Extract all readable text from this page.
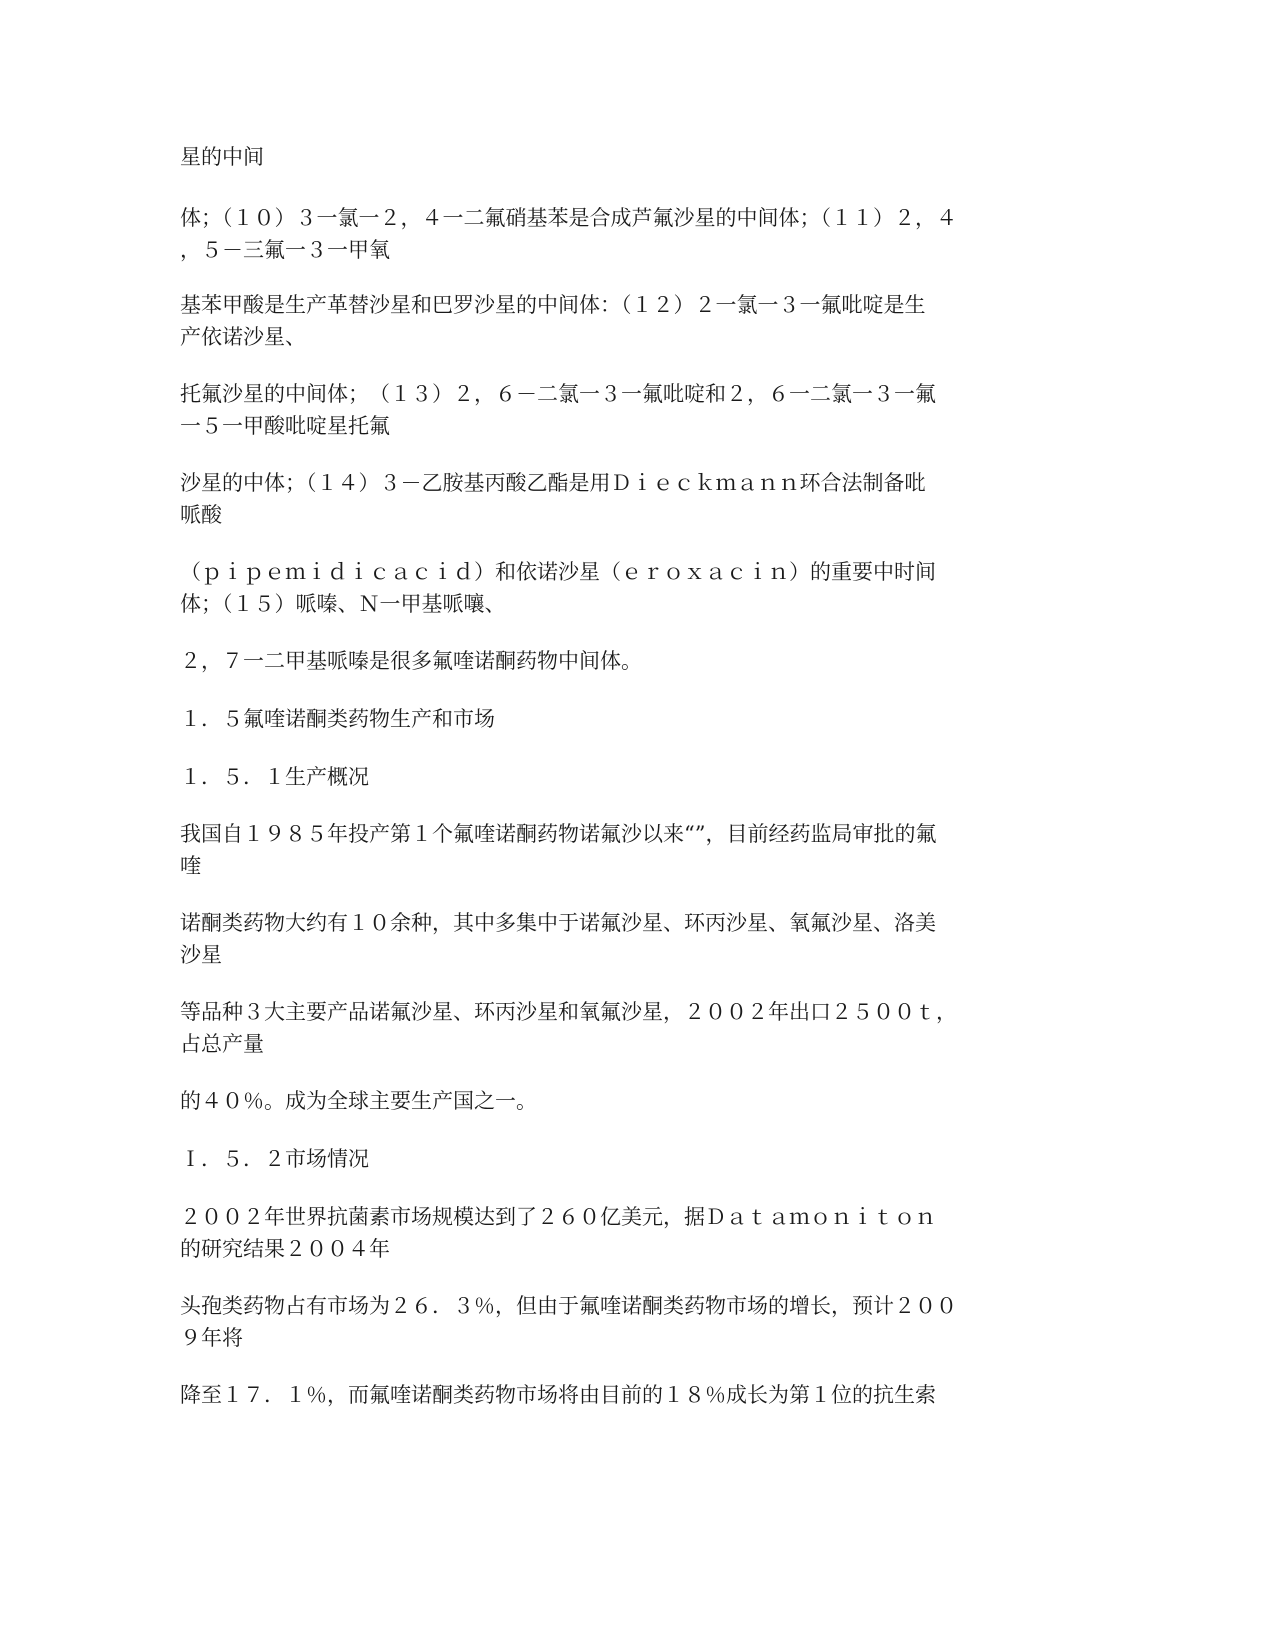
星的中间
体；（１０）３一氯一２，４一二氟硝基苯是合成芦氟沙星的中间体；（１１）２，４
，５－三氟一３一甲氧
基苯甲酸是生产革替沙星和巴罗沙星的中间体：（１２）２一氯一３一氟吡啶是生
产依诺沙星、
托氟沙星的中间体；　（１３）２，６－二氯一３一氟吡啶和２，６一二氯一３一氟
一５一甲酸吡啶星托氟
沙星的中体；（１４）３－乙胺基丙酸乙酯是用Ｄｉｅｃｋｍａｎｎ环合法制备吡
哌酸
（ｐｉｐｅｍｉｄｉｃａｃｉｄ）和依诺沙星（ｅｒｏｘａｃｉｎ）的重要中时间
体；（１５）哌嗪、Ｎ一甲基哌嚷、
２，７一二甲基哌嗪是很多氟喹诺酮药物中间体。
１．５氟喹诺酮类药物生产和市场
１．５．１生产概况
我国自１９８５年投产第１个氟喹诺酮药物诺氟沙以来“”，目前经药监局审批的氟
喹
诺酮类药物大约有１０余种，其中多集中于诺氟沙星、环丙沙星、氧氟沙星、洛美
沙星
等品种３大主要产品诺氟沙星、环丙沙星和氧氟沙星，２００２年出口２５００ｔ，
占总产量
的４０％。成为全球主要生产国之一。
Ｉ．５．２市场情况
２００２年世界抗菌素市场规模达到了２６０亿美元，据Ｄａｔａｍｏｎｉｔｏｎ
的研究结果２００４年
头孢类药物占有市场为２６．３％，但由于氟喹诺酮类药物市场的增长，预计２００
９年将
降至１７．１％，而氟喹诺酮类药物市场将由目前的１８％成长为第１位的抗生索
